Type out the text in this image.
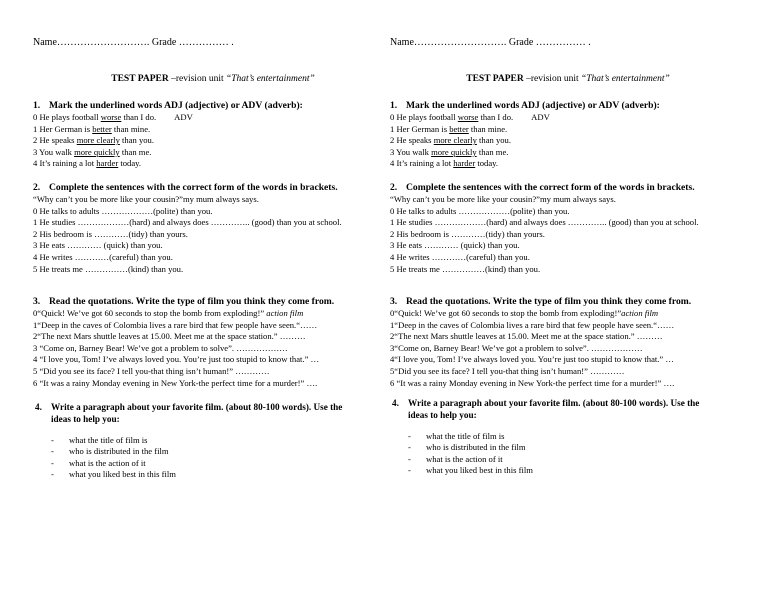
Name………………………. Grade …………… .
TEST PAPER –revision unit “That’s entertainment”
1. Mark the underlined words ADJ (adjective) or ADV (adverb):
0 He plays football worse than I do. ADV
1 Her German is better than mine.
2 He speaks more clearly than you.
3 You walk more quickly than me.
4 It’s raining a lot harder today.
2. Complete the sentences with the correct form of the words in brackets.
“Why can’t you be more like your cousin?”my mum always says.
0 He talks to adults ………………(polite) than you.
1 He studies ………………(hard) and always does ………….. (good) than you at school.
2 His bedroom is …………(tidy) than yours.
3 He eats ………… (quick) than you.
4 He writes …………(careful) than you.
5 He treats me ……………(kind) than you.
3. Read the quotations. Write the type of film you think they come from.
0“Quick! We’ve got 60 seconds to stop the bomb from exploding!” action film
1“Deep in the caves of Colombia lives a rare bird that few people have seen.“……
2“The next Mars shuttle leaves at 15.00. Meet me at the space station.” ………
3 “Come on, Barney Bear! We’ve got a problem to solve”. ………………
4 “I love you, Tom! I’ve always loved you. You’re just too stupid to know that.” …
5 “Did you see its face? I tell you-that thing isn’t human!” …………
6 “It was a rainy Monday evening in New York-the perfect time for a murder!” ….
4. Write a paragraph about your favorite film. (about 80-100 words). Use the
ideas to help you:
- what the title of film is
- who is distributed in the film
- what is the action of it
- what you liked best in this film
Name………………………. Grade …………… .
TEST PAPER –revision unit “That’s entertainment”
1. Mark the underlined words ADJ (adjective) or ADV (adverb):
0 He plays football worse than I do. ADV
1 Her German is better than mine.
2 He speaks more clearly than you.
3 You walk more quickly than me.
4 It’s raining a lot harder today.
2. Complete the sentences with the correct form of the words in brackets.
“Why can’t you be more like your cousin?”my mum always says.
0 He talks to adults ………………(polite) than you.
1 He studies ………………(hard) and always does ………….. (good) than you at school.
2 His bedroom is …………(tidy) than yours.
3 He eats ………… (quick) than you.
4 He writes …………(careful) than you.
5 He treats me ……………(kind) than you.
3. Read the quotations. Write the type of film you think they come from.
0“Quick! We’ve got 60 seconds to stop the bomb from exploding!”action film
1“Deep in the caves of Colombia lives a rare bird that few people have seen.“……
2“The next Mars shuttle leaves at 15.00. Meet me at the space station.” ………
3“Come on, Barney Bear! We’ve got a problem to solve”. ………………
4“I love you, Tom! I’ve always loved you. You’re just too stupid to know that.” …
5“Did you see its face? I tell you-that thing isn’t human!” …………
6 “It was a rainy Monday evening in New York-the perfect time for a murder!” ….
4. Write a paragraph about your favorite film. (about 80-100 words). Use the
ideas to help you:
- what the title of film is
- who is distributed in the film
- what is the action of it
- what you liked best in this film
